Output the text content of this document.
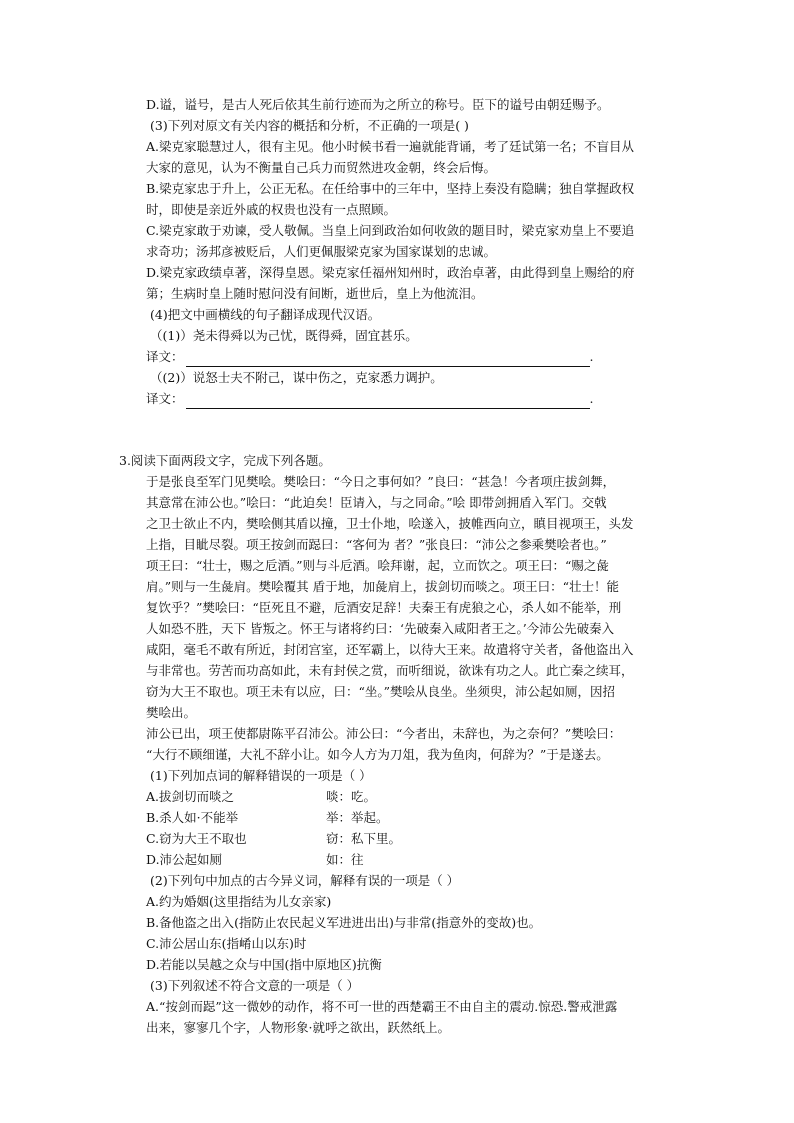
D.谥，谥号，是古人死后依其生前行迹而为之所立的称号。臣下的谥号由朝廷赐予。
(3)下列对原文有关内容的概括和分析，不正确的一项是( )
A.梁克家聪慧过人，很有主见。他小时候书看一遍就能背诵，考了廷试第一名；不盲目从
大家的意见，认为不衡量自己兵力而贸然进攻金朝，终会后悔。
B.梁克家忠于升上，公正无私。在任给事中的三年中，坚持上奏没有隐瞒；独自掌握政权
时，即使是亲近外戚的权贵也没有一点照顾。
C.梁克家敢于劝谏，受人敬佩。当皇上问到政治如何收敛的题目时，梁克家劝皇上不要追
求奇功；汤邦彦被贬后，人们更佩服梁克家为国家谋划的忠诚。
D.梁克家政绩卓著，深得皇恩。梁克家任福州知州时，政治卓著，由此得到皇上赐给的府
第；生病时皇上随时慰问没有间断，逝世后，皇上为他流泪。
(4)把文中画横线的句子翻译成现代汉语。
（(1)）尧未得舜以为己忧，既得舜，固宜甚乐。
译文：	.
（(2)）说怒士夫不附己，谋中伤之，克家悉力调护。
译文：	.
3.阅读下面两段文字，完成下列各题。
于是张良至军门见樊哙。樊哙曰：“今日之事何如？”良曰：“甚急！今者项庄拔剑舞，
其意常在沛公也。”哙曰：“此迫矣！臣请入，与之同命。”哙 即带剑拥盾入军门。交戟
之卫士欲止不内，樊哙侧其盾以撞，卫士仆地，哙遂入，披帷西向立，瞋目视项王，头发
上指，目眦尽裂。项王按剑而跽曰：“客何为 者？”张良曰：“沛公之参乘樊哙者也。”
项王曰：“壮士，赐之卮酒。”则与斗卮酒。哙拜谢，起，立而饮之。项王曰：“赐之彘
肩。”则与一生彘肩。樊哙覆其 盾于地，加彘肩上，拔剑切而啖之。项王曰：“壮士！能
复饮乎？”樊哙曰：“臣死且不避，卮酒安足辞！夫秦王有虎狼之心，杀人如不能举，刑
人如恐不胜，天下 皆叛之。怀王与诸将约曰：‘先破秦入咸阳者王之。’今沛公先破秦入
咸阳，毫毛不敢有所近，封闭宫室，还军霸上，以待大王来。故遣将守关者，备他盗出入
与非常也。劳苦而功高如此，未有封侯之赏，而听细说，欲诛有功之人。此亡秦之续耳，
窃为大王不取也。项王未有以应，曰：“坐。”樊哙从良坐。坐须臾，沛公起如厕，因招
樊哙出。
沛公已出，项王使都尉陈平召沛公。沛公曰：“今者出，未辞也，为之奈何？”樊哙曰：
“大行不顾细谨，大礼不辞小让。如今人方为刀俎，我为鱼肉，何辞为？”于是遂去。
(1)下列加点词的解释错误的一项是（ ）
A.拔剑切而啖之	啖：吃。
B.杀人如·不能举	举：举起。
C.窃为大王不取也	窃：私下里。
D.沛公起如厕	如：往
(2)下列句中加点的古今异义词，解释有误的一项是（ ）
A.约为婚姻(这里指结为儿女亲家)
B.备他盗之出入(指防止农民起义军进进出出)与非常(指意外的变故)也。
C.沛公居山东(指崤山以东)时
D.若能以吴越之众与中国(指中原地区)抗衡
(3)下列叙述不符合文意的一项是（ ）
A.“按剑而跽”这一微妙的动作，将不可一世的西楚霸王不由自主的震动.惊恐.警戒泄露
出来，寥寥几个字，人物形象·就呼之欲出，跃然纸上。
